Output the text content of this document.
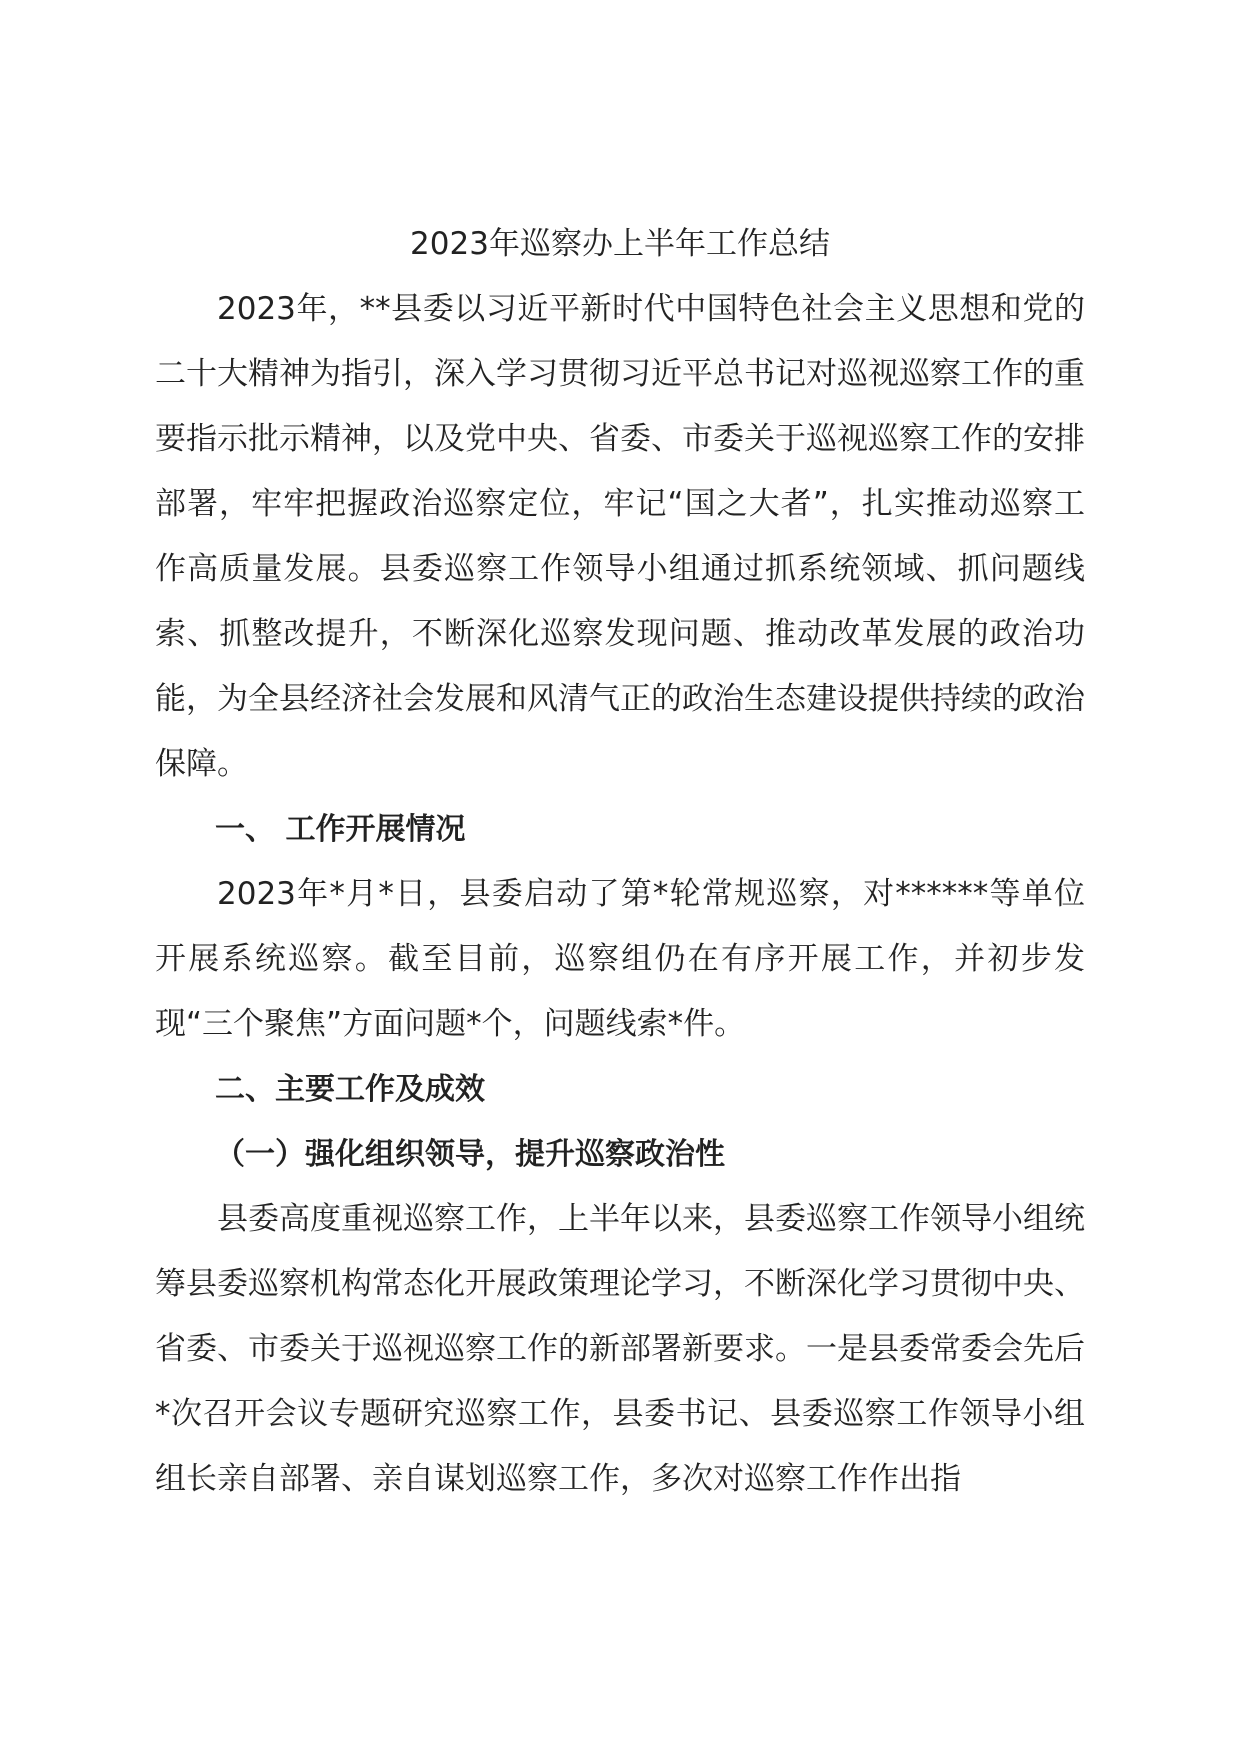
2023年巡察办上半年工作总结

2023年，**县委以习近平新时代中国特色社会主义思想和党的二十大精神为指引，深入学习贯彻习近平总书记对巡视巡察工作的重要指示批示精神，以及党中央、省委、市委关于巡视巡察工作的安排部署，牢牢把握政治巡察定位，牢记“国之大者”，扎实推动巡察工作高质量发展。县委巡察工作领导小组通过抓系统领域、抓问题线索、抓整改提升，不断深化巡察发现问题、推动改革发展的政治功能，为全县经济社会发展和风清气正的政治生态建设提供持续的政治保障。

一、 工作开展情况

2023年*月*日，县委启动了第*轮常规巡察，对******等单位开展系统巡察。截至目前，巡察组仍在有序开展工作，并初步发现“三个聚焦”方面问题*个，问题线索*件。

二、主要工作及成效

（一）强化组织领导，提升巡察政治性

县委高度重视巡察工作，上半年以来，县委巡察工作领导小组统筹县委巡察机构常态化开展政策理论学习，不断深化学习贯彻中央、省委、市委关于巡视巡察工作的新部署新要求。一是县委常委会先后*次召开会议专题研究巡察工作，县委书记、县委巡察工作领导小组组长亲自部署、亲自谋划巡察工作，多次对巡察工作作出指
